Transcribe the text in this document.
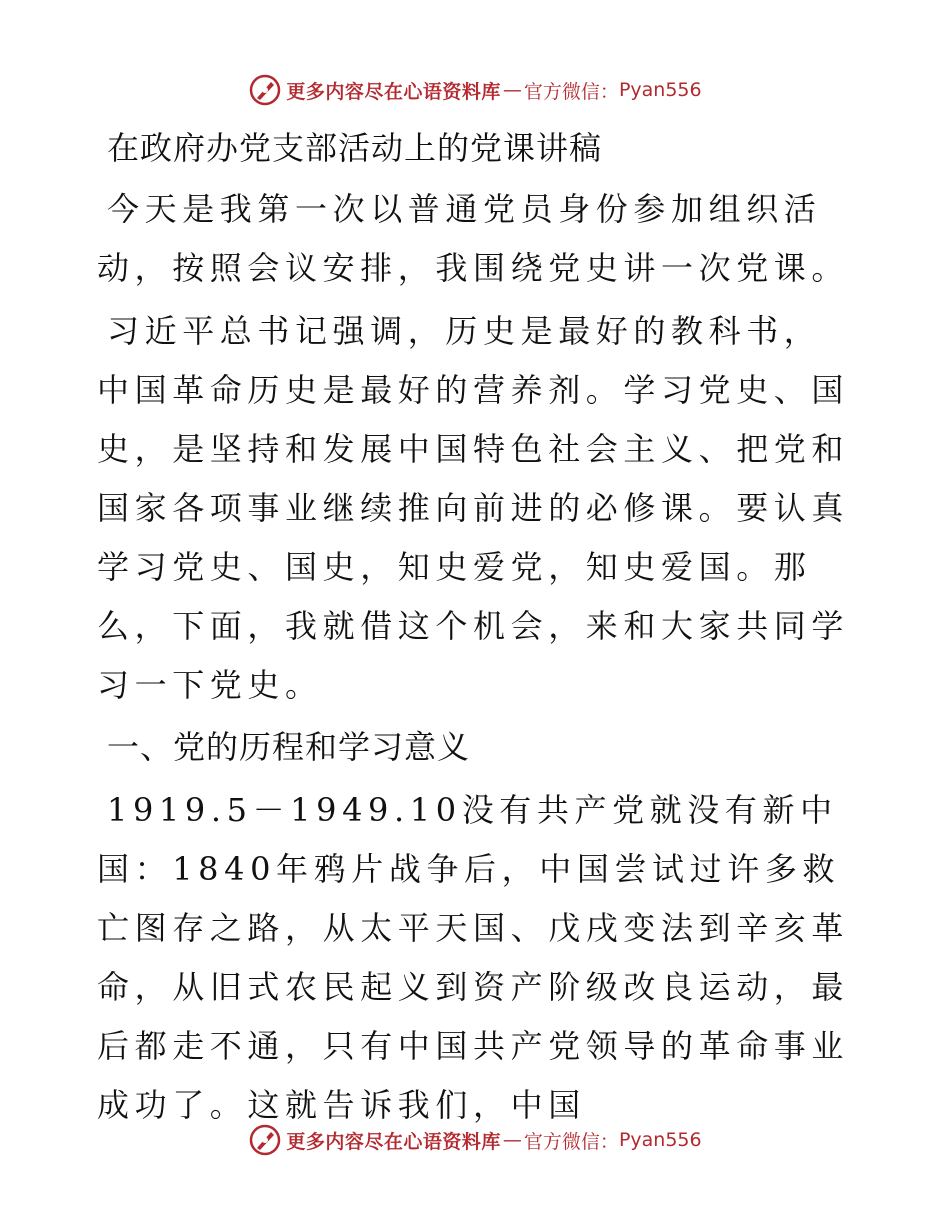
更多内容尽在心语资料库 — 官方微信： Pyan556
在政府办党支部活动上的党课讲稿

今天是我第一次以普通党员身份参加组织活动，按照会议安排，我围绕党史讲一次党课。

习近平总书记强调，历史是最好的教科书，中国革命历史是最好的营养剂。学习党史、国史，是坚持和发展中国特色社会主义、把党和国家各项事业继续推向前进的必修课。要认真学习党史、国史，知史爱党，知史爱国。那么，下面，我就借这个机会，来和大家共同学习一下党史。

一、党的历程和学习意义

1919.5－1949.10没有共产党就没有新中国：1840年鸦片战争后，中国尝试过许多救亡图存之路，从太平天国、戊戌变法到辛亥革命，从旧式农民起义到资产阶级改良运动，最后都走不通，只有中国共产党领导的革命事业成功了。这就告诉我们，中国

更多内容尽在心语资料库 — 官方微信： Pyan556
